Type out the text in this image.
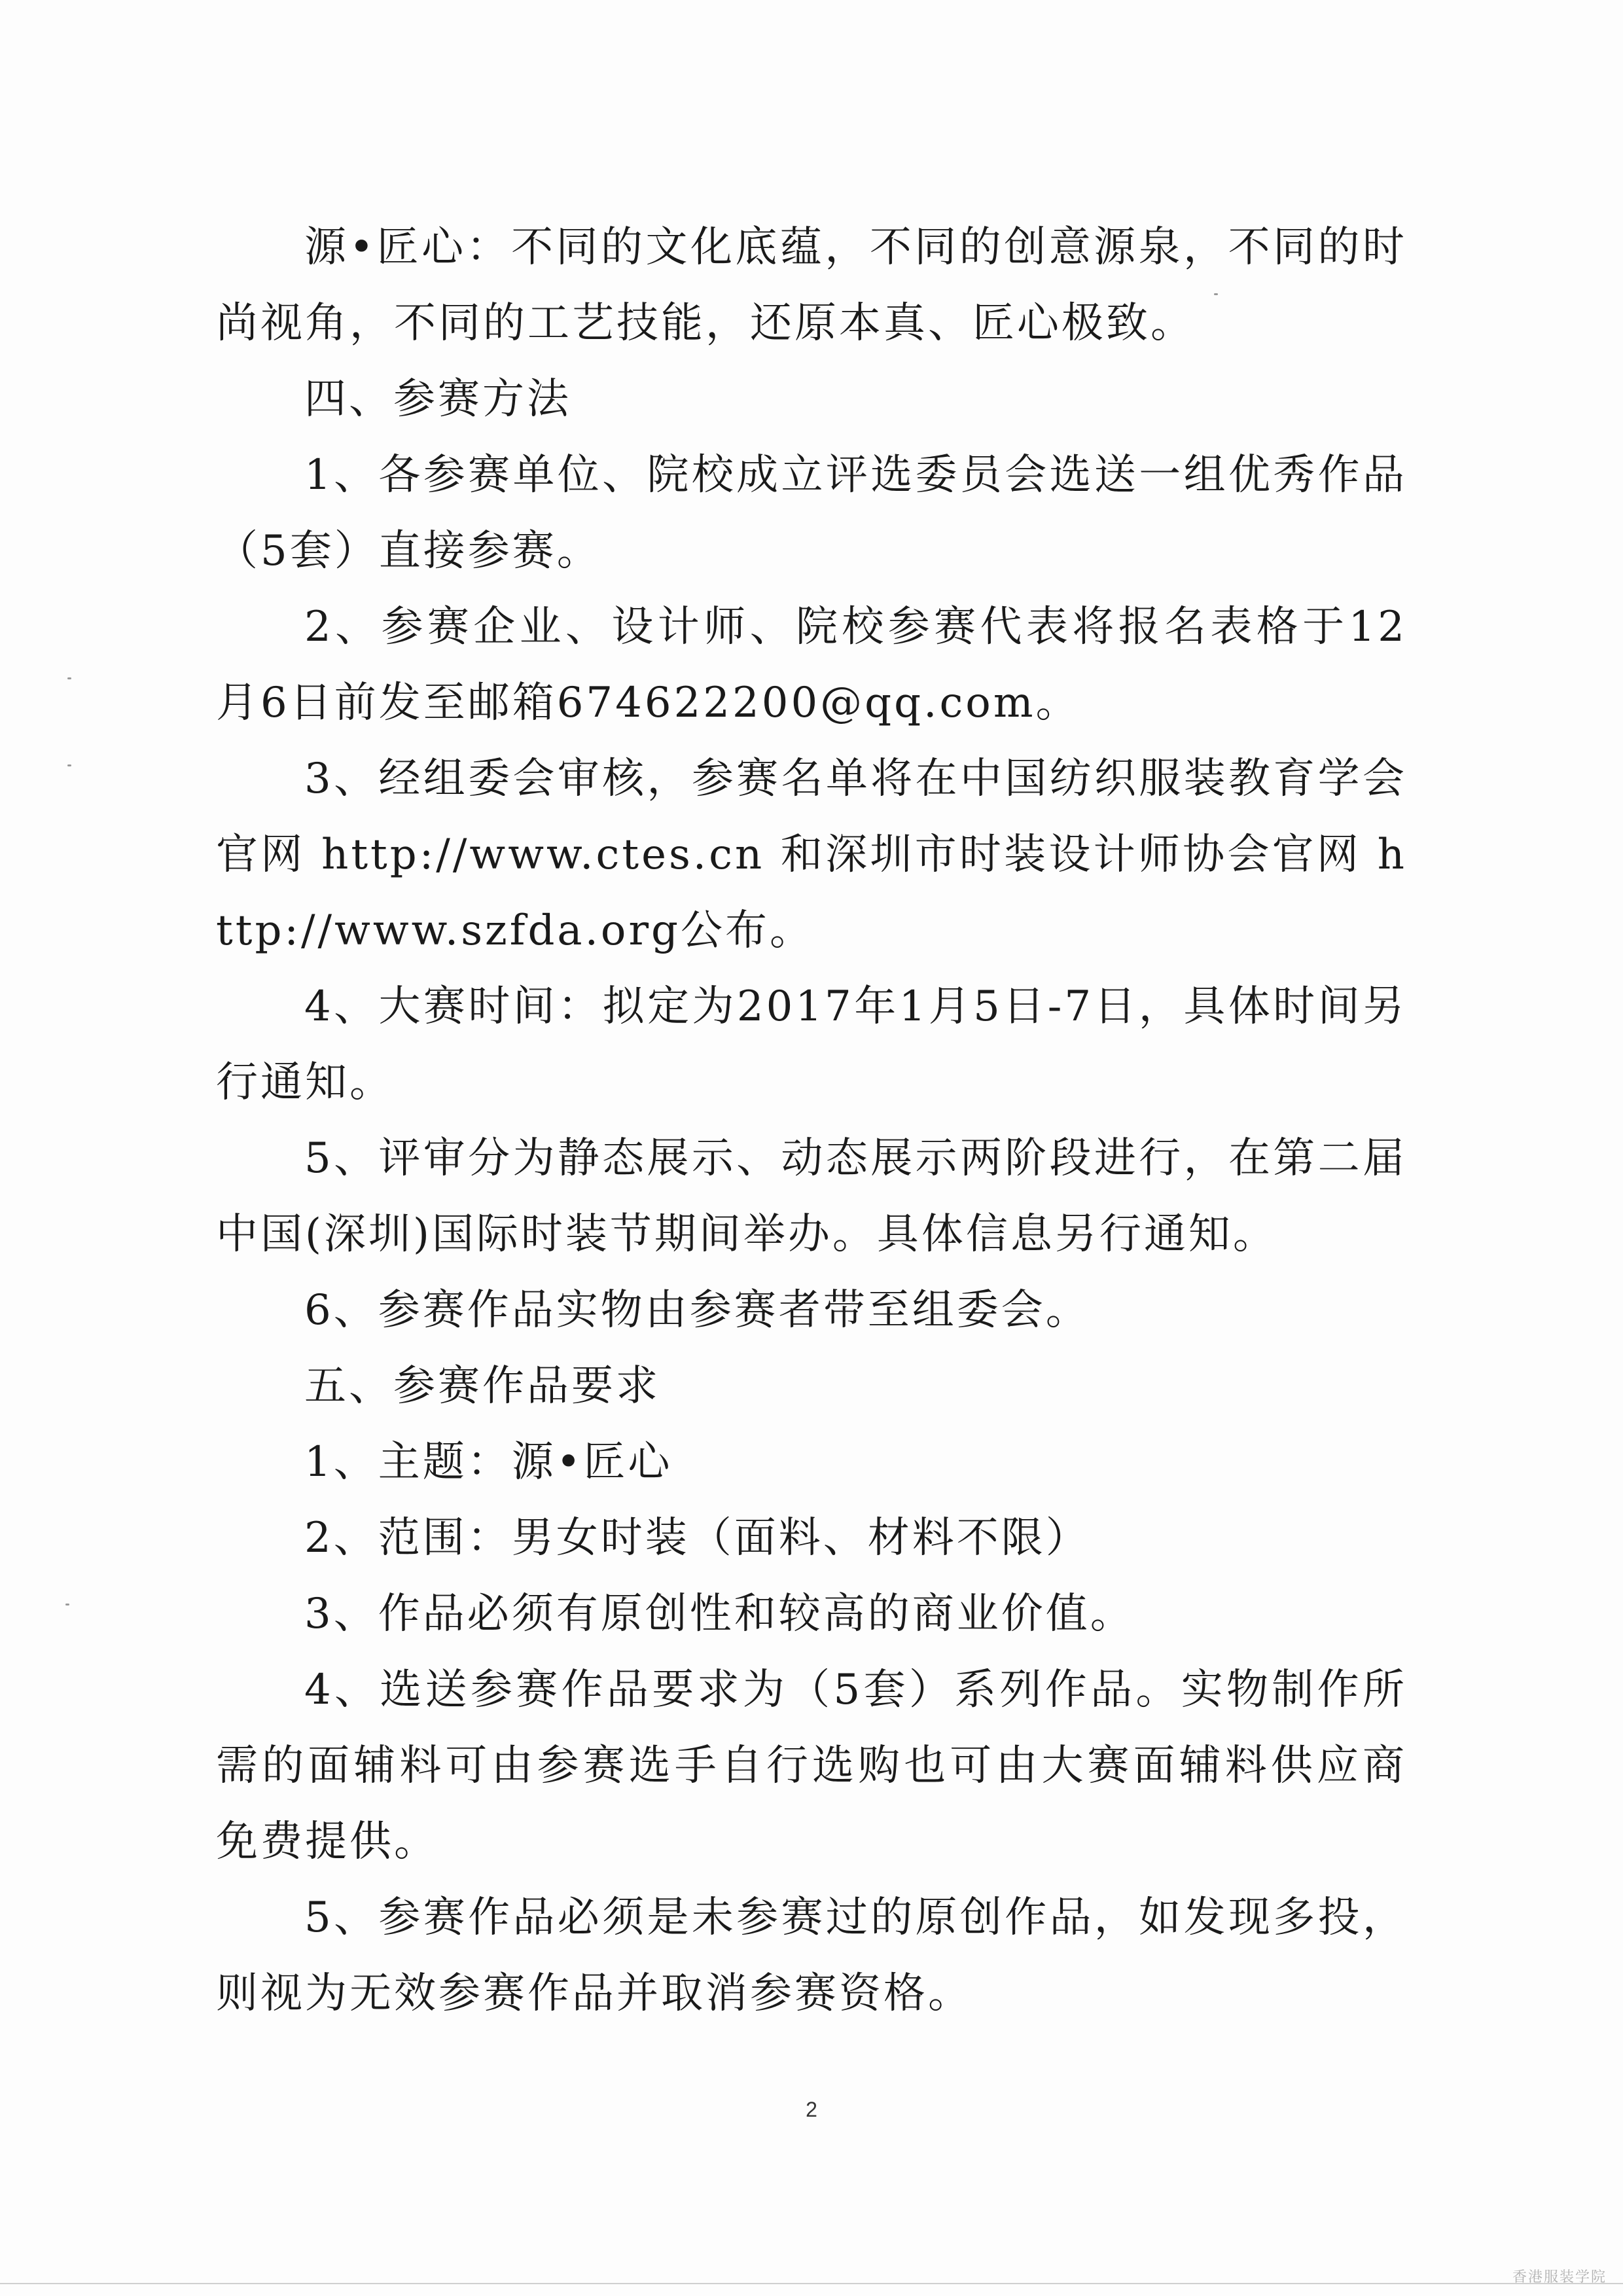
源•匠心：不同的文化底蕴，不同的创意源泉，不同的时尚视角，不同的工艺技能，还原本真、匠心极致。

四、参赛方法

1、各参赛单位、院校成立评选委员会选送一组优秀作品（5套）直接参赛。

2、参赛企业、设计师、院校参赛代表将报名表格于12月6日前发至邮箱674622200@qq.com。

3、经组委会审核，参赛名单将在中国纺织服装教育学会官网 http://www.ctes.cn 和深圳市时装设计师协会官网 http://www.szfda.org公布。

4、大赛时间：拟定为2017年1月5日-7日，具体时间另行通知。

5、评审分为静态展示、动态展示两阶段进行，在第二届中国(深圳)国际时装节期间举办。具体信息另行通知。

6、参赛作品实物由参赛者带至组委会。

五、参赛作品要求

1、主题：源•匠心

2、范围：男女时装（面料、材料不限）

3、作品必须有原创性和较高的商业价值。

4、选送参赛作品要求为（5套）系列作品。实物制作所需的面辅料可由参赛选手自行选购也可由大赛面辅料供应商免费提供。

5、参赛作品必须是未参赛过的原创作品，如发现多投，则视为无效参赛作品并取消参赛资格。

2
香港服装学院
